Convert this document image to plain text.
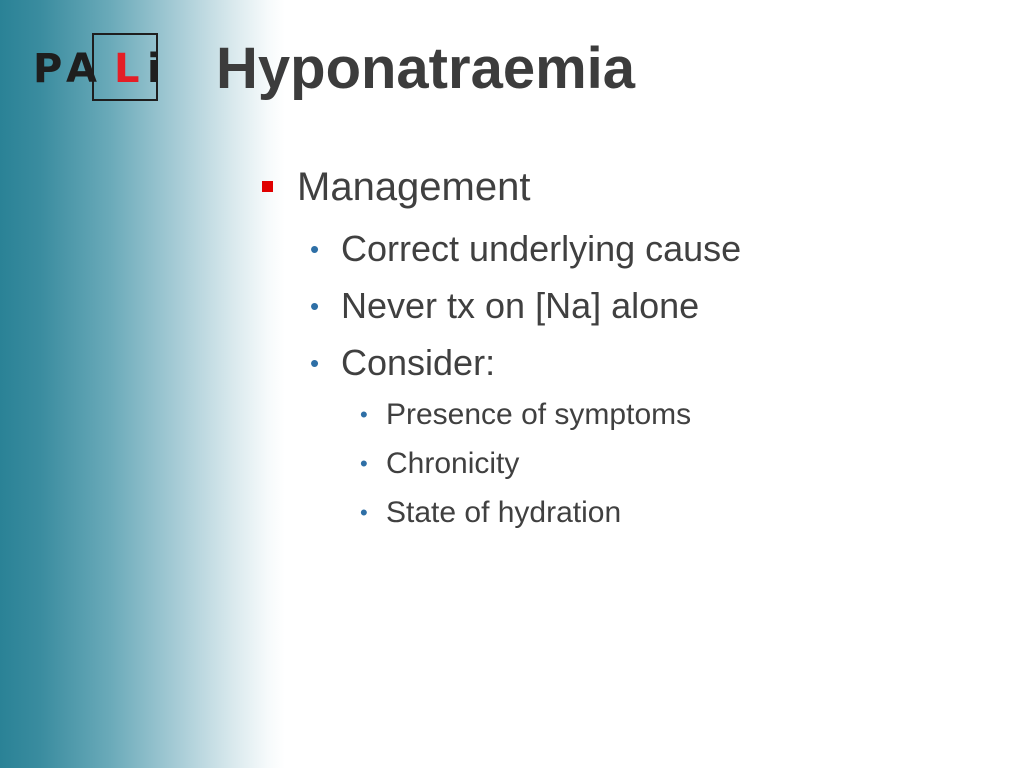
P A L i Hyponatraemia
Management
• Correct underlying cause
• Never tx on [Na] alone
• Consider:
• Presence of symptoms
• Chronicity
• State of hydration
